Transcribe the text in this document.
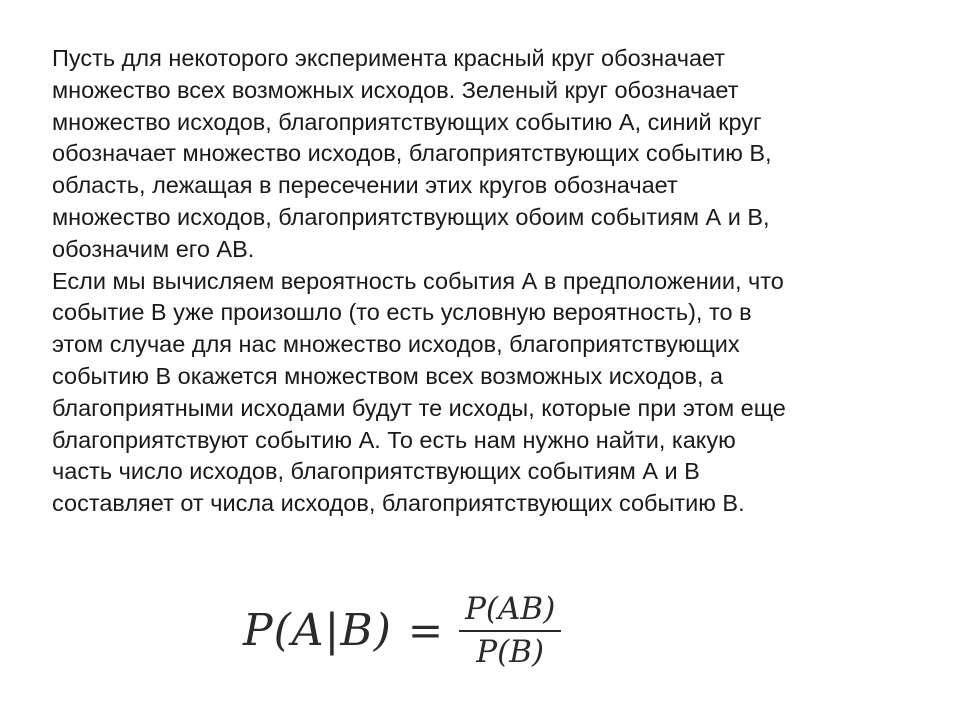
Пусть для некоторого эксперимента красный круг обозначает
множество всех возможных исходов. Зеленый круг обозначает
множество исходов, благоприятствующих событию А, синий круг
обозначает множество исходов, благоприятствующих событию В,
область, лежащая в пересечении этих кругов обозначает
множество исходов, благоприятствующих обоим событиям А и В,
обозначим его АВ.
Если мы вычисляем вероятность события А в предположении, что
событие В уже произошло (то есть условную вероятность), то в
этом случае для нас множество исходов, благоприятствующих
событию В окажется множеством всех возможных исходов, а
благоприятными исходами будут те исходы, которые при этом еще
благоприятствуют событию А. То есть нам нужно найти, какую
часть число исходов, благоприятствующих событиям А и В
составляет от числа исходов, благоприятствующих событию В.
$P(A|B) = \frac{P(AB)}{P(B)}$
